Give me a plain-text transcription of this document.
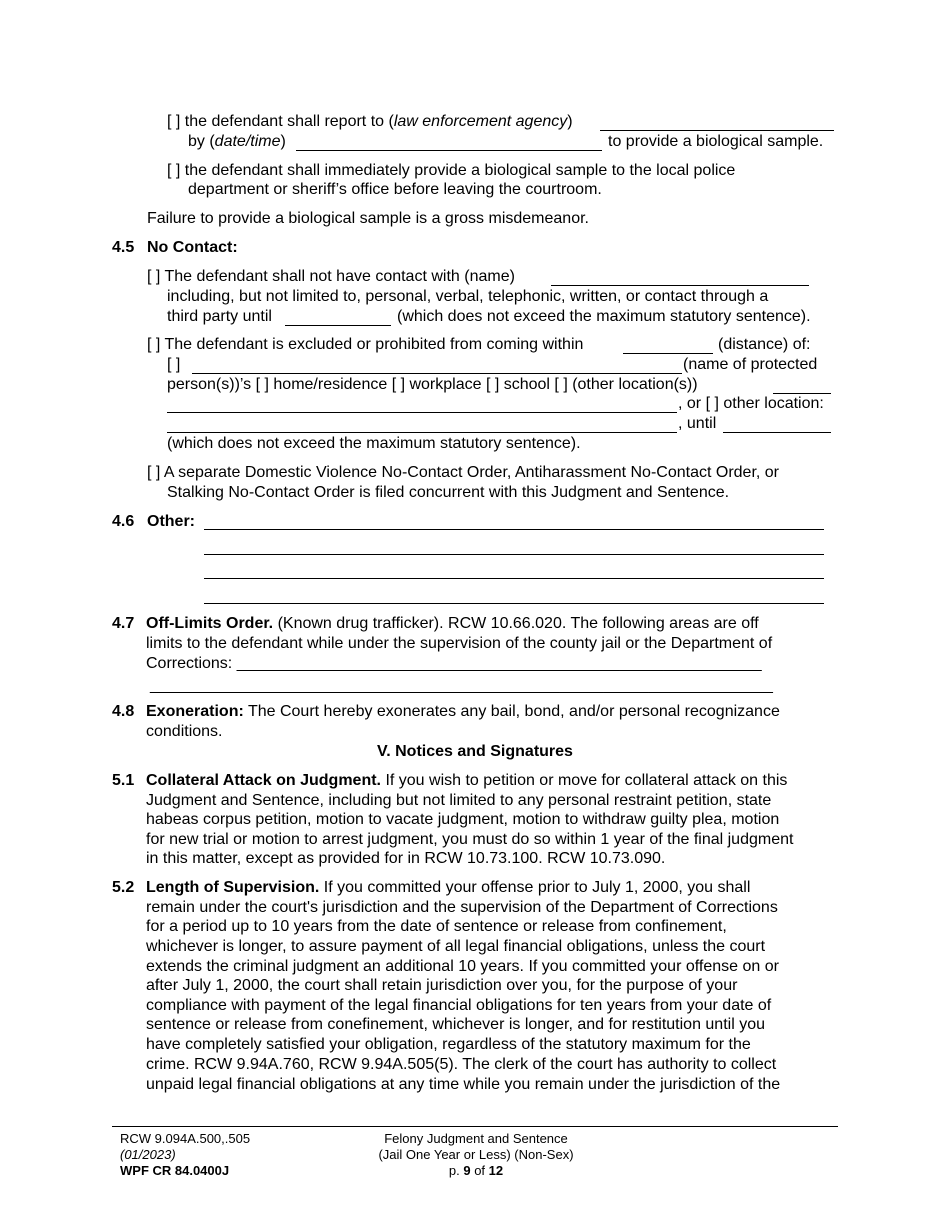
[ ] the defendant shall report to (law enforcement agency)
by (date/time)	to provide a biological sample.
[ ] the defendant shall immediately provide a biological sample to the local police
department or sheriff’s office before leaving the courtroom.
Failure to provide a biological sample is a gross misdemeanor.
4.5 No Contact:
[ ] The defendant shall not have contact with (name)
including, but not limited to, personal, verbal, telephonic, written, or contact through a
third party until	(which does not exceed the maximum statutory sentence).
[ ] The defendant is excluded or prohibited from coming within	(distance) of:
[ ]	(name of protected
person(s))’s [ ] home/residence [ ] workplace [ ] school [ ] (other location(s))
, or [ ] other location:
, until
(which does not exceed the maximum statutory sentence).
[ ] A separate Domestic Violence No-Contact Order, Antiharassment No-Contact Order, or
Stalking No-Contact Order is filed concurrent with this Judgment and Sentence.
4.6 Other:
4.7 Off-Limits Order. (Known drug trafficker). RCW 10.66.020. The following areas are off
limits to the defendant while under the supervision of the county jail or the Department of
Corrections: ___________________________________________________________
______________________________________________________________________
4.8 Exoneration: The Court hereby exonerates any bail, bond, and/or personal recognizance
conditions.
V. Notices and Signatures
5.1 Collateral Attack on Judgment. If you wish to petition or move for collateral attack on this
Judgment and Sentence, including but not limited to any personal restraint petition, state
habeas corpus petition, motion to vacate judgment, motion to withdraw guilty plea, motion
for new trial or motion to arrest judgment, you must do so within 1 year of the final judgment
in this matter, except as provided for in RCW 10.73.100. RCW 10.73.090.
5.2 Length of Supervision. If you committed your offense prior to July 1, 2000, you shall
remain under the court's jurisdiction and the supervision of the Department of Corrections
for a period up to 10 years from the date of sentence or release from confinement,
whichever is longer, to assure payment of all legal financial obligations, unless the court
extends the criminal judgment an additional 10 years. If you committed your offense on or
after July 1, 2000, the court shall retain jurisdiction over you, for the purpose of your
compliance with payment of the legal financial obligations for ten years from your date of
sentence or release from conefinement, whichever is longer, and for restitution until you
have completely satisfied your obligation, regardless of the statutory maximum for the
crime. RCW 9.94A.760, RCW 9.94A.505(5). The clerk of the court has authority to collect
unpaid legal financial obligations at any time while you remain under the jurisdiction of the
RCW 9.094A.500,.505
(01/2023)
WPF CR 84.0400J
Felony Judgment and Sentence
(Jail One Year or Less) (Non-Sex)
p. 9 of 12
